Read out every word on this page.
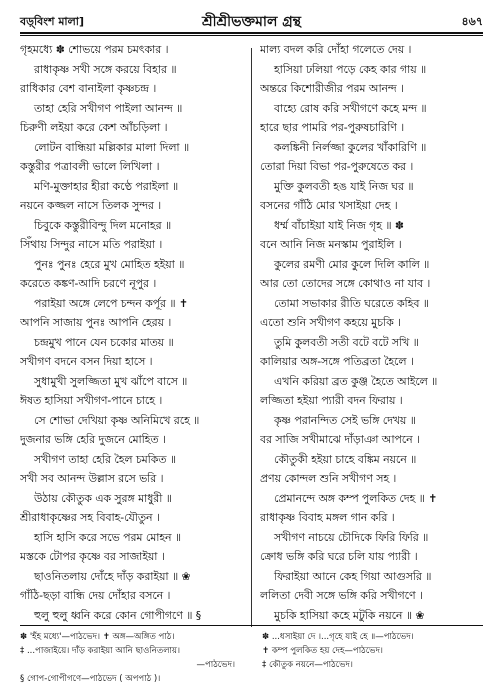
বড়্‌বিংশ মালা]	শ্রীশ্রীভক্তমাল গ্রন্থ	৪৬৭
গৃহমধ্যে ✽ শোভয়ে পরম চমৎকার ।
রাধাকৃষ্ণ সখী সঙ্গে করয়ে বিহার ॥
রাধিকার বেশ বানাইলা কৃষ্ণচন্দ্র ।
তাহা হেরি সখীগণ পাইলা আনন্দ ॥
চিরুণী লইয়া করে কেশ আঁচড়িলা ।
লোটন বান্ধিয়া মল্লিকার মালা দিলা ॥
কস্তুরীর পত্রাবলী ভালে লিখিলা ।
মণি-মুক্তাহার হীরা কণ্ঠে পরাইলা ॥
নয়নে কজ্জল নাসে তিলক সুন্দর ।
চিবুকে কস্তুরীবিন্দু দিল মনোহর ॥
সিঁথায় সিন্দুর নাসে মতি পরাইয়া ।
পুনঃ পুনঃ হেরে মুখ মোহিত হইয়া ॥
করেতে কঙ্কণ-আদি চরণে নূপুর ।
পরাইয়া অঙ্গে লেপে চন্দন কর্পূর ॥ ✝
আপনি সাজায় পুনঃ আপনি হেরয় ।
চন্দ্রমুখ পানে যেন চকোর মাতয় ॥
সখীগণ বদনে বসন দিয়া হাসে ।
সুধামুখী সুলজ্জিতা মুখ ঝাঁপে বাসে ॥
ঈষত হাসিয়া সখীগণ-পানে চাহে ।
সে শোভা দেখিয়া কৃষ্ণ অনিমিখে রহে ॥
দুজনার ভঙ্গি হেরি দুজনে মোহিত ।
সখীগণ তাহা হেরি হৈল চমকিত ॥
সখী সব আনন্দ উল্লাস রসে ভরি ।
উঠায় কৌতুক এক সুরঙ্গ মাধুরী ॥
শ্রীরাধাকৃষ্ণের সহ বিবাহ-যৌতুন ।
হাসি হাসি করে সভে পরম মোহন ॥
মস্তকে টোপর কৃষ্ণে বর সাজাইয়া ।
ছাওনিতলায় দোঁহে দাঁড় করাইয়া ॥ ❀
গাঁঠি-ছড়া বান্ধি দেয় দোঁহার বসনে ।
হুলু হুলু ধ্বনি করে কোন গোপীগণে ॥ §
মাল্য বদল করি দোঁহা গলেতে দেয় ।
হাসিয়া ঢলিয়া পড়ে কেহ কার গায় ॥
অন্তরে কিশোরীজীর পরম আনন্দ ।
বাহ্যে রোষ করি সখীগণে কহে মন্দ ॥
হারে ছার পামরি পর-পুরুষচারিণি ।
কলঙ্কিনী নির্লজ্জা কুলের খাঁকারিণি ॥
তোরা দিয়া বিভা পর-পুরুষেতে কর ।
মুক্তি কুলবতী হঙ যাই নিজ ঘর ॥
বসনের গাঁঠি মোর খসাইয়া দেহ ।
ধর্ম্ম বাঁচাইয়া যাই নিজ গৃহ ॥ ✽
বনে আনি নিজ মনস্কাম পুরাইলি ।
কুলের রমণী মোর কুলে দিলি কালি ॥
আর তো তোদের সঙ্গে কোথাও না যাব ।
তোমা সভাকার রীতি ঘরেতে কহিব ॥
এতো শুনি সখীগণ কহয়ে মুচকি ।
তুমি কুলবতী সতী বটে বটে সখি ॥
কালিয়ার অঙ্গ-সঙ্গে পতিব্রতা হৈলে ।
এখনি করিয়া ব্রত কুঞ্জ হৈতে আইলে ॥
লজ্জিতা হইয়া প্যারী বদন ফিরায় ।
কৃষ্ণ পরানন্দিত সেই ভঙ্গি দেখয় ॥
বর সাজি সখীমাঝে দাঁড়াঞা আপনে ।
কৌতুকী হইয়া চাহে বঙ্কিম নয়নে ॥
প্রণয় কোন্দল শুনি সখীগণ সহ ।
প্রেমানন্দে অঙ্গ কম্প পুলকিত দেহ ॥ ✝
রাধাকৃষ্ণ বিবাহ মঙ্গল গান করি ।
সখীগণ নাচয়ে চৌদিকে ফিরি ফিরি ॥
ক্রোধ ভঙ্গি করি ঘরে চলি যায় প্যারী ।
ফিরাইয়া আনে কেহ গিয়া আগুসরি ॥
ললিতা দেবী সঙ্গে ভঙ্গি করি সখীগণে ।
মুচকি হাসিয়া কহে মটুকি নয়নে ॥ ❀
✽ 'হঁহ মধ্যে'—পাঠভেদ। ✝ অঙ্গ—অঙ্গিত পাঠ।
‡ ...পাজাইয়ে। দাঁড় করাইয়া আনি ছাওনিতলায়।
—পাঠভেদ।
§ গোপ-গোপীগণে—পাঠভেদ ( অপপাঠ )।
✽ ...ধসাইয়া দে ।...গৃহে যাই হে ॥—পাঠভেদ।
✝ কম্প পুলকিত হয় দেহ—পাঠভেদ।
‡ কৌতুক নয়নে—পাঠভেদ।
